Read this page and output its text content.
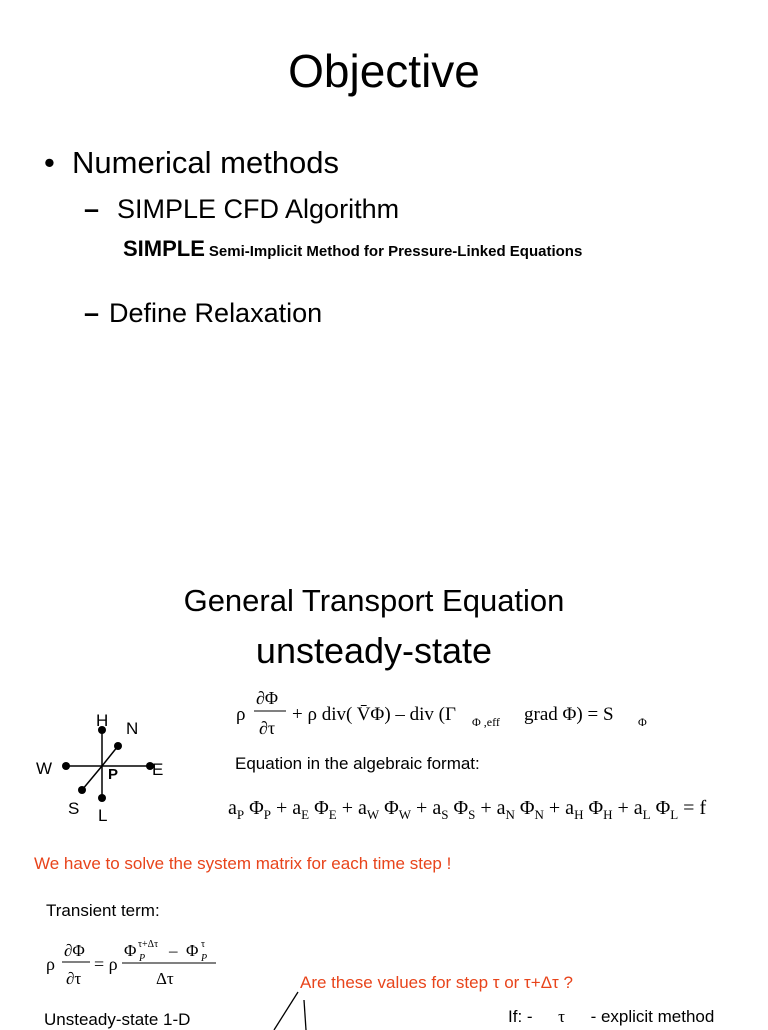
Objective
• Numerical methods
– SIMPLE CFD Algorithm
SIMPLE Semi-Implicit Method for Pressure-Linked Equations
– Define Relaxation
General Transport Equation
unsteady-state
H N
W	E
P
S L
ρ
∂Φ
∂τ
+ ρ div( V̄Φ) – div (Γ Φ ,eff grad Φ) = S Φ
Equation in the algebraic format:
$a_P$ $\Phi_P + a_E$ $\Phi_E + a_W$ $\Phi_W + a_S$ $\Phi_S + a_N$ $\Phi_N + a_H$ $\Phi_H + a_L$ $\Phi_L = f$
We have to solve the system matrix for each time step !
Transient term:
ρ
∂Φ
∂τ
= ρ
Φ τ+Δτ
P – Φ τ
P
Δτ	Are these values for step τ or τ+Δτ ?
Unsteady-state 1-D	If: - τ - explicit method
